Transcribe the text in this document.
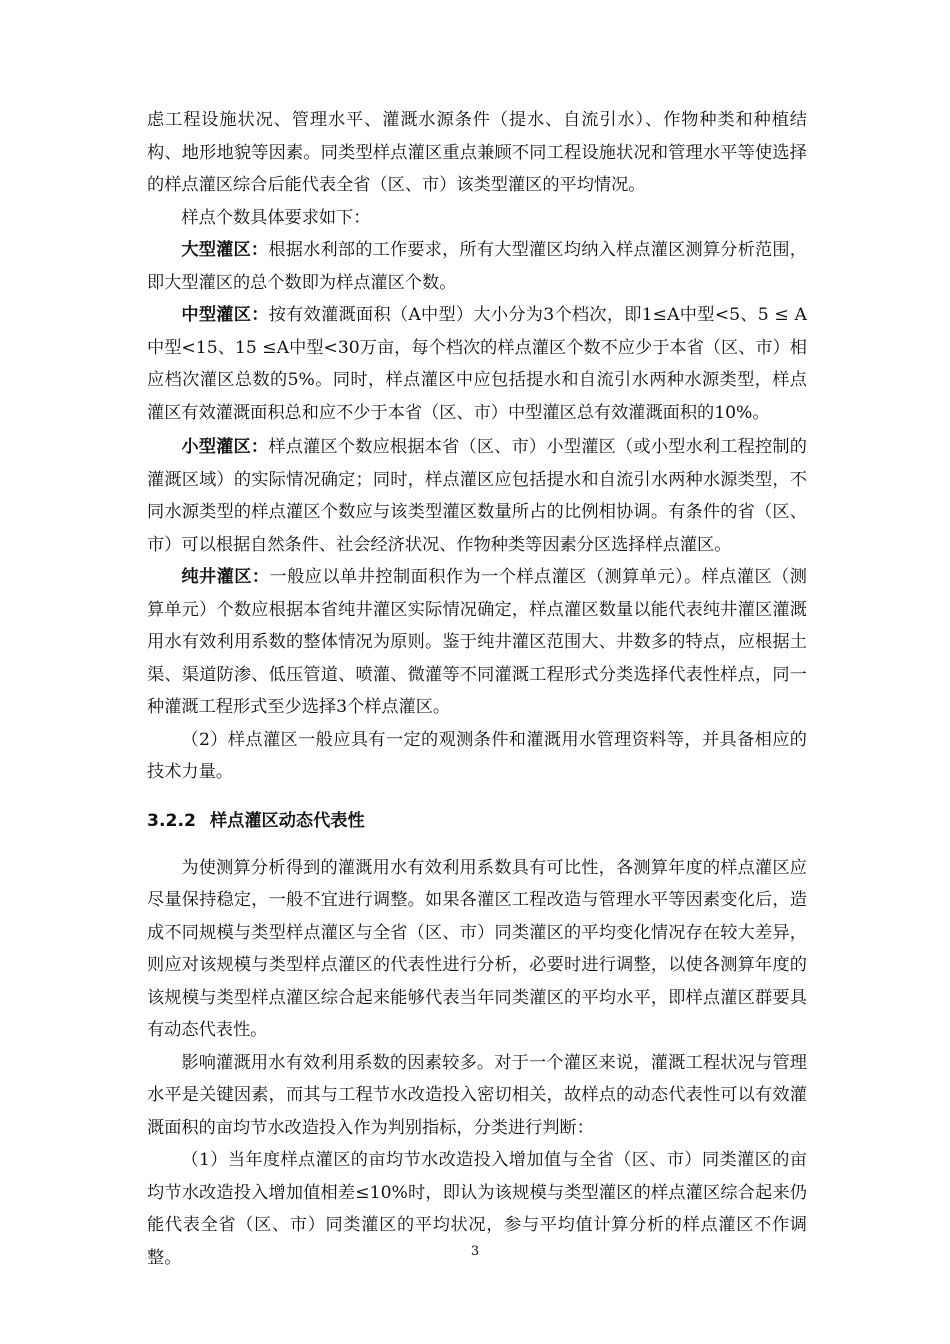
虑工程设施状况、管理水平、灌溉水源条件（提水、自流引水）、作物种类和种植结构、地形地貌等因素。同类型样点灌区重点兼顾不同工程设施状况和管理水平等使选择的样点灌区综合后能代表全省（区、市）该类型灌区的平均情况。

样点个数具体要求如下：

大型灌区：根据水利部的工作要求，所有大型灌区均纳入样点灌区测算分析范围，即大型灌区的总个数即为样点灌区个数。

中型灌区：按有效灌溉面积（A中型）大小分为3个档次，即1≤A中型<5、5 ≤ A中型<15、15 ≤A中型<30万亩，每个档次的样点灌区个数不应少于本省（区、市）相应档次灌区总数的5%。同时，样点灌区中应包括提水和自流引水两种水源类型，样点灌区有效灌溉面积总和应不少于本省（区、市）中型灌区总有效灌溉面积的10%。

小型灌区：样点灌区个数应根据本省（区、市）小型灌区（或小型水利工程控制的灌溉区域）的实际情况确定；同时，样点灌区应包括提水和自流引水两种水源类型，不同水源类型的样点灌区个数应与该类型灌区数量所占的比例相协调。有条件的省（区、市）可以根据自然条件、社会经济状况、作物种类等因素分区选择样点灌区。

纯井灌区：一般应以单井控制面积作为一个样点灌区（测算单元）。样点灌区（测算单元）个数应根据本省纯井灌区实际情况确定，样点灌区数量以能代表纯井灌区灌溉用水有效利用系数的整体情况为原则。鉴于纯井灌区范围大、井数多的特点，应根据土渠、渠道防渗、低压管道、喷灌、微灌等不同灌溉工程形式分类选择代表性样点，同一种灌溉工程形式至少选择3个样点灌区。

（2）样点灌区一般应具有一定的观测条件和灌溉用水管理资料等，并具备相应的技术力量。

3.2.2 样点灌区动态代表性

为使测算分析得到的灌溉用水有效利用系数具有可比性，各测算年度的样点灌区应尽量保持稳定，一般不宜进行调整。如果各灌区工程改造与管理水平等因素变化后，造成不同规模与类型样点灌区与全省（区、市）同类灌区的平均变化情况存在较大差异，则应对该规模与类型样点灌区的代表性进行分析，必要时进行调整，以使各测算年度的该规模与类型样点灌区综合起来能够代表当年同类灌区的平均水平，即样点灌区群要具有动态代表性。

影响灌溉用水有效利用系数的因素较多。对于一个灌区来说，灌溉工程状况与管理水平是关键因素，而其与工程节水改造投入密切相关，故样点的动态代表性可以有效灌溉面积的亩均节水改造投入作为判别指标，分类进行判断：

（1）当年度样点灌区的亩均节水改造投入增加值与全省（区、市）同类灌区的亩均节水改造投入增加值相差≤10%时，即认为该规模与类型灌区的样点灌区综合起来仍能代表全省（区、市）同类灌区的平均状况，参与平均值计算分析的样点灌区不作调整。	3
